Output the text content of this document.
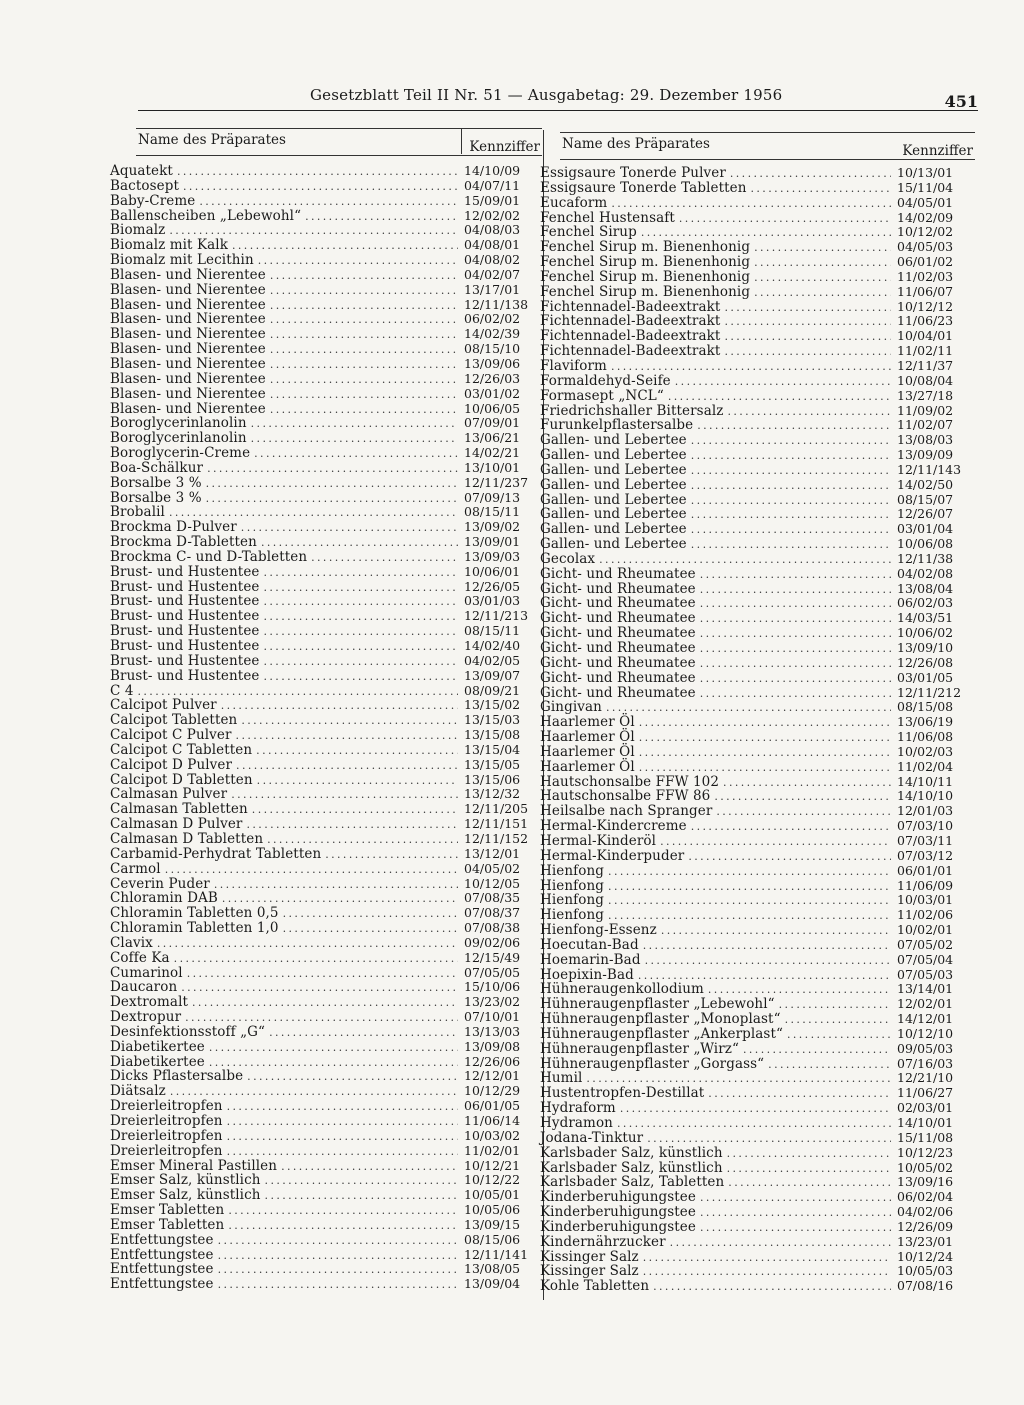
Gesetzblatt Teil II Nr. 51 — Ausgabetag: 29. Dezember 1956	451
Name des Präparates	Kennziffer
Aquatekt .....	14/10/09
Bactosept .....	04/07/11
Baby-Creme .....	15/09/01
Ballenscheiben „Lebewohl“ .....	12/02/02
Biomalz .....	04/08/03
Biomalz mit Kalk .....	04/08/01
Biomalz mit Lecithin .....	04/08/02
Blasen- und Nierentee .....	04/02/07
Blasen- und Nierentee .....	13/17/01
Blasen- und Nierentee .....	12/11/138
Blasen- und Nierentee .....	06/02/02
Blasen- und Nierentee .....	14/02/39
Blasen- und Nierentee .....	08/15/10
Blasen- und Nierentee .....	13/09/06
Blasen- und Nierentee .....	12/26/03
Blasen- und Nierentee .....	03/01/02
Blasen- und Nierentee .....	10/06/05
Boroglycerinlanolin .....	07/09/01
Boroglycerinlanolin .....	13/06/21
Boroglycerin-Creme .....	14/02/21
Boa-Schälkur .....	13/10/01
Borsalbe 3 % .....	12/11/237
Borsalbe 3 % .....	07/09/13
Brobalil .....	08/15/11
Brockma D-Pulver .....	13/09/02
Brockma D-Tabletten .....	13/09/01
Brockma C- und D-Tabletten .....	13/09/03
Brust- und Hustentee .....	10/06/01
Brust- und Hustentee .....	12/26/05
Brust- und Hustentee .....	03/01/03
Brust- und Hustentee .....	12/11/213
Brust- und Hustentee .....	08/15/11
Brust- und Hustentee .....	14/02/40
Brust- und Hustentee .....	04/02/05
Brust- und Hustentee .....	13/09/07
C 4 .....	08/09/21
Calcipot Pulver .....	13/15/02
Calcipot Tabletten .....	13/15/03
Calcipot C Pulver .....	13/15/08
Calcipot C Tabletten .....	13/15/04
Calcipot D Pulver .....	13/15/05
Calcipot D Tabletten .....	13/15/06
Calmasan Pulver .....	13/12/32
Calmasan Tabletten .....	12/11/205
Calmasan D Pulver .....	12/11/151
Calmasan D Tabletten .....	12/11/152
Carbamid-Perhydrat Tabletten .....	13/12/01
Carmol .....	04/05/02
Ceverin Puder .....	10/12/05
Chloramin DAB .....	07/08/35
Chloramin Tabletten 0,5 .....	07/08/37
Chloramin Tabletten 1,0 .....	07/08/38
Clavix .....	09/02/06
Coffe Ka .....	12/15/49
Cumarinol .....	07/05/05
Daucaron .....	15/10/06
Dextromalt .....	13/23/02
Dextropur .....	07/10/01
Desinfektionsstoff „G“ .....	13/13/03
Diabetikertee .....	13/09/08
Diabetikertee .....	12/26/06
Dicks Pflastersalbe .....	12/12/01
Diätsalz .....	10/12/29
Dreierleitropfen .....	06/01/05
Dreierleitropfen .....	11/06/14
Dreierleitropfen .....	10/03/02
Dreierleitropfen .....	11/02/01
Emser Mineral Pastillen .....	10/12/21
Emser Salz, künstlich .....	10/12/22
Emser Salz, künstlich .....	10/05/01
Emser Tabletten .....	10/05/06
Emser Tabletten .....	13/09/15
Entfettungstee .....	08/15/06
Entfettungstee .....	12/11/141
Entfettungstee .....	13/08/05
Entfettungstee .....	13/09/04
Name des Präparates	Kennziffer
Essigsaure Tonerde Pulver .....	10/13/01
Essigsaure Tonerde Tabletten .....	15/11/04
Eucaform .....	04/05/01
Fenchel Hustensaft .....	14/02/09
Fenchel Sirup .....	10/12/02
Fenchel Sirup m. Bienenhonig .....	04/05/03
Fenchel Sirup m. Bienenhonig .....	06/01/02
Fenchel Sirup m. Bienenhonig .....	11/02/03
Fenchel Sirup m. Bienenhonig .....	11/06/07
Fichtennadel-Badeextrakt .....	10/12/12
Fichtennadel-Badeextrakt .....	11/06/23
Fichtennadel-Badeextrakt .....	10/04/01
Fichtennadel-Badeextrakt .....	11/02/11
Flaviform .....	12/11/37
Formaldehyd-Seife .....	10/08/04
Formasept „NCL“ .....	13/27/18
Friedrichshaller Bittersalz .....	11/09/02
Furunkelpflastersalbe .....	11/02/07
Gallen- und Lebertee .....	13/08/03
Gallen- und Lebertee .....	13/09/09
Gallen- und Lebertee .....	12/11/143
Gallen- und Lebertee .....	14/02/50
Gallen- und Lebertee .....	08/15/07
Gallen- und Lebertee .....	12/26/07
Gallen- und Lebertee .....	03/01/04
Gallen- und Lebertee .....	10/06/08
Gecolax .....	12/11/38
Gicht- und Rheumatee .....	04/02/08
Gicht- und Rheumatee .....	13/08/04
Gicht- und Rheumatee .....	06/02/03
Gicht- und Rheumatee .....	14/03/51
Gicht- und Rheumatee .....	10/06/02
Gicht- und Rheumatee .....	13/09/10
Gicht- und Rheumatee .....	12/26/08
Gicht- und Rheumatee .....	03/01/05
Gicht- und Rheumatee .....	12/11/212
Gingivan .....	08/15/08
Haarlemer Öl .....	13/06/19
Haarlemer Öl .....	11/06/08
Haarlemer Öl .....	10/02/03
Haarlemer Öl .....	11/02/04
Hautschonsalbe FFW 102 .....	14/10/11
Hautschonsalbe FFW 86 .....	14/10/10
Heilsalbe nach Spranger .....	12/01/03
Hermal-Kindercreme .....	07/03/10
Hermal-Kinderöl .....	07/03/11
Hermal-Kinderpuder .....	07/03/12
Hienfong .....	06/01/01
Hienfong .....	11/06/09
Hienfong .....	10/03/01
Hienfong .....	11/02/06
Hienfong-Essenz .....	10/02/01
Hoecutan-Bad .....	07/05/02
Hoemarin-Bad .....	07/05/04
Hoepixin-Bad .....	07/05/03
Hühneraugenkollodium .....	13/14/01
Hühneraugenpflaster „Lebewohl“ .....	12/02/01
Hühneraugenpflaster „Monoplast“ .....	14/12/01
Hühneraugenpflaster „Ankerplast“ .....	10/12/10
Hühneraugenpflaster „Wirz“ .....	09/05/03
Hühneraugenpflaster „Gorgass“ .....	07/16/03
Humil .....	12/21/10
Hustentropfen-Destillat .....	11/06/27
Hydraform .....	02/03/01
Hydramon .....	14/10/01
Jodana-Tinktur .....	15/11/08
Karlsbader Salz, künstlich .....	10/12/23
Karlsbader Salz, künstlich .....	10/05/02
Karlsbader Salz, Tabletten .....	13/09/16
Kinderberuhigungstee .....	06/02/04
Kinderberuhigungstee .....	04/02/06
Kinderberuhigungstee .....	12/26/09
Kindernährzucker .....	13/23/01
Kissinger Salz .....	10/12/24
Kissinger Salz .....	10/05/03
Kohle Tabletten .....	07/08/16
